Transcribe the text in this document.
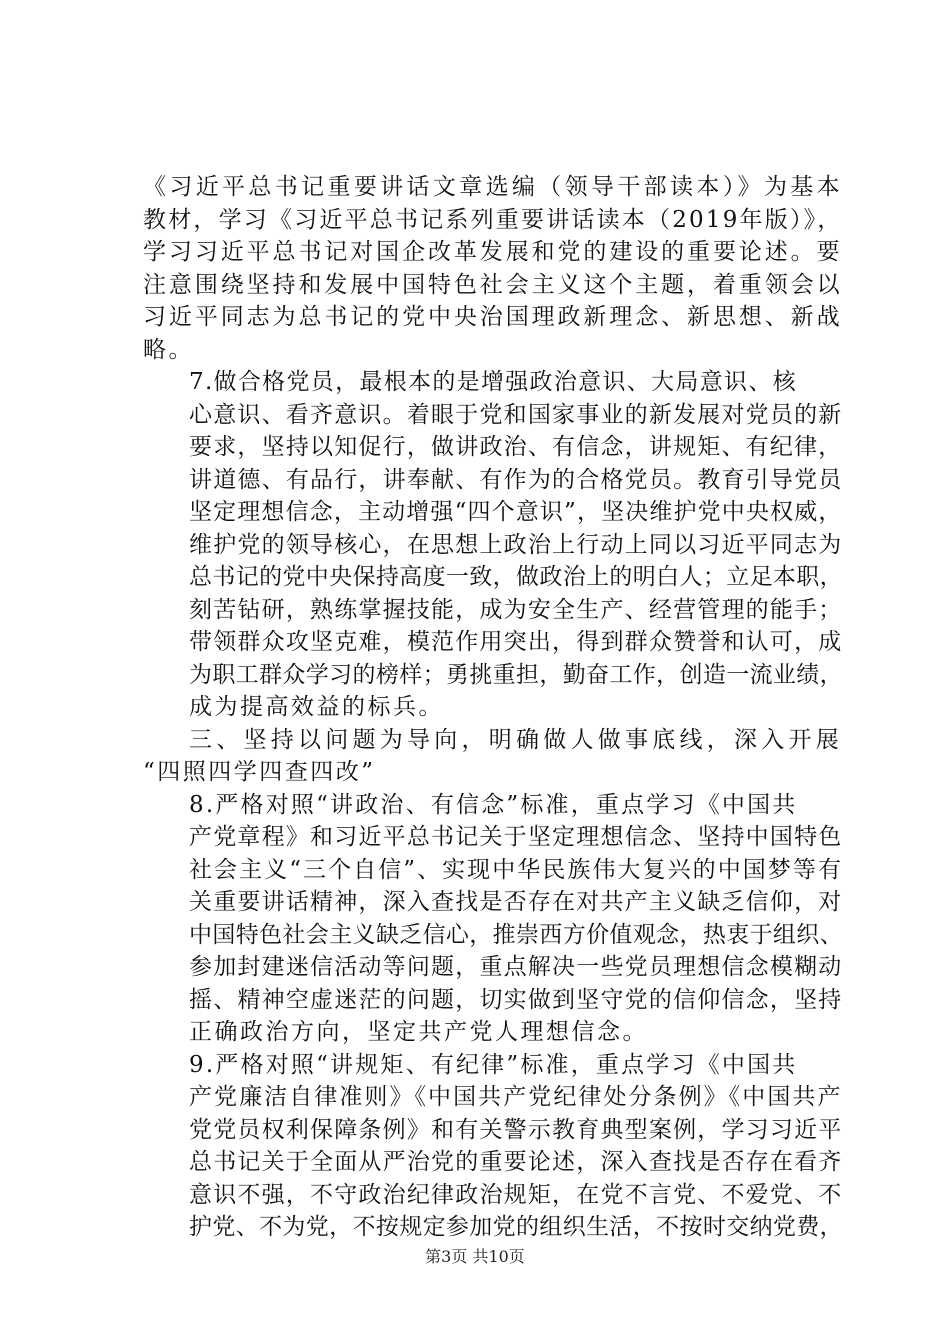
《习近平总书记重要讲话文章选编（领导干部读本）》为基本
教材，学习《习近平总书记系列重要讲话读本（2019年版）》，
学习习近平总书记对国企改革发展和党的建设的重要论述。要
注意围绕坚持和发展中国特色社会主义这个主题，着重领会以
习近平同志为总书记的党中央治国理政新理念、新思想、新战
略。
7.做合格党员，最根本的是增强政治意识、大局意识、核
心意识、看齐意识。着眼于党和国家事业的新发展对党员的新
要求，坚持以知促行，做讲政治、有信念，讲规矩、有纪律，
讲道德、有品行，讲奉献、有作为的合格党员。教育引导党员
坚定理想信念，主动增强“四个意识”，坚决维护党中央权威，
维护党的领导核心，在思想上政治上行动上同以习近平同志为
总书记的党中央保持高度一致，做政治上的明白人；立足本职，
刻苦钻研，熟练掌握技能，成为安全生产、经营管理的能手；
带领群众攻坚克难，模范作用突出，得到群众赞誉和认可，成
为职工群众学习的榜样；勇挑重担，勤奋工作，创造一流业绩，
成为提高效益的标兵。
三、坚持以问题为导向，明确做人做事底线，深入开展
“四照四学四查四改”
8.严格对照“讲政治、有信念”标准，重点学习《中国共
产党章程》和习近平总书记关于坚定理想信念、坚持中国特色
社会主义“三个自信”、实现中华民族伟大复兴的中国梦等有
关重要讲话精神，深入查找是否存在对共产主义缺乏信仰，对
中国特色社会主义缺乏信心，推崇西方价值观念，热衷于组织、
参加封建迷信活动等问题，重点解决一些党员理想信念模糊动
摇、精神空虚迷茫的问题，切实做到坚守党的信仰信念，坚持
正确政治方向，坚定共产党人理想信念。
9.严格对照“讲规矩、有纪律”标准，重点学习《中国共
产党廉洁自律准则》《中国共产党纪律处分条例》《中国共产
党党员权利保障条例》和有关警示教育典型案例，学习习近平
总书记关于全面从严治党的重要论述，深入查找是否存在看齐
意识不强，不守政治纪律政治规矩，在党不言党、不爱党、不
护党、不为党，不按规定参加党的组织生活，不按时交纳党费，
第3页 共10页
